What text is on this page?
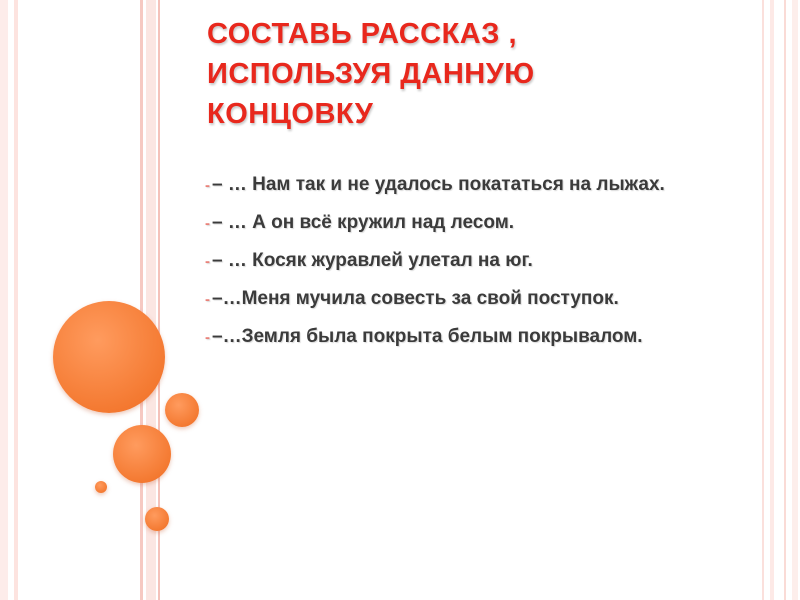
СОСТАВЬ РАССКАЗ ,
ИСПОЛЬЗУЯ ДАННУЮ
КОНЦОВКУ
- – … Нам так и не удалось покататься на лыжах.
- – … А он всё кружил над лесом.
- – … Косяк журавлей улетал на юг.
- –…Меня мучила совесть за свой поступок.
- –…Земля была покрыта белым покрывалом.
